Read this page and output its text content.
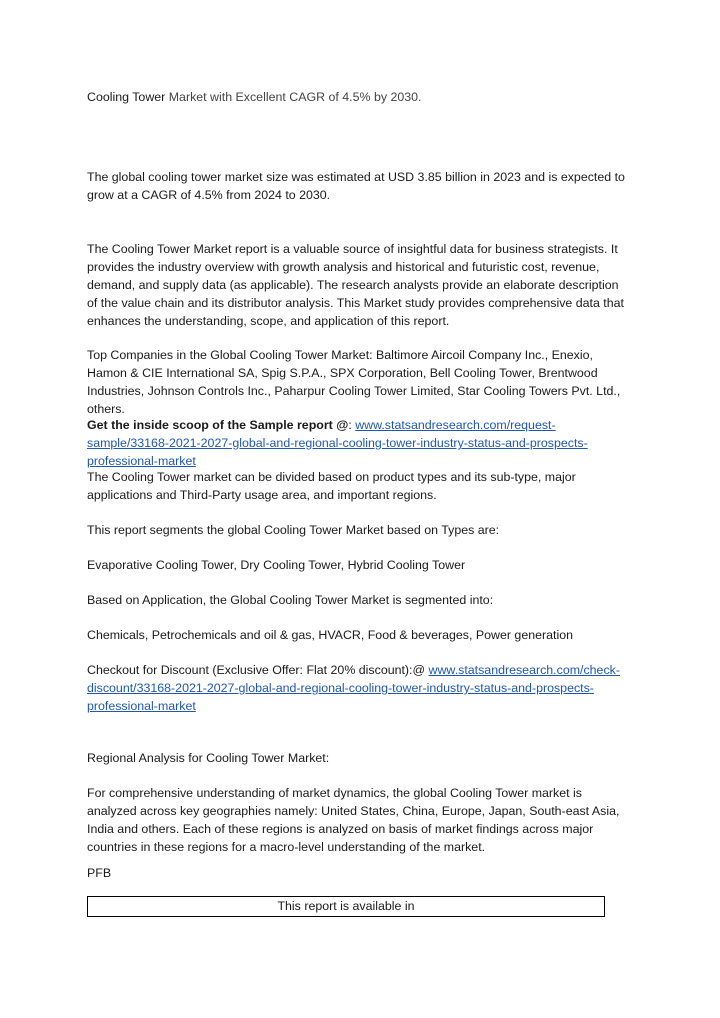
Cooling Tower Market with Excellent CAGR of 4.5% by 2030.

The global cooling tower market size was estimated at USD 3.85 billion in 2023 and is expected to grow at a CAGR of 4.5% from 2024 to 2030.

The Cooling Tower Market report is a valuable source of insightful data for business strategists. It provides the industry overview with growth analysis and historical and futuristic cost, revenue, demand, and supply data (as applicable). The research analysts provide an elaborate description of the value chain and its distributor analysis. This Market study provides comprehensive data that enhances the understanding, scope, and application of this report.

Top Companies in the Global Cooling Tower Market: Baltimore Aircoil Company Inc., Enexio, Hamon & CIE International SA, Spig S.P.A., SPX Corporation, Bell Cooling Tower, Brentwood Industries, Johnson Controls Inc., Paharpur Cooling Tower Limited, Star Cooling Towers Pvt. Ltd., others.

Get the inside scoop of the Sample report @: www.statsandresearch.com/request-sample/33168-2021-2027-global-and-regional-cooling-tower-industry-status-and-prospects-professional-market

The Cooling Tower market can be divided based on product types and its sub-type, major applications and Third-Party usage area, and important regions.

This report segments the global Cooling Tower Market based on Types are:

Evaporative Cooling Tower, Dry Cooling Tower, Hybrid Cooling Tower

Based on Application, the Global Cooling Tower Market is segmented into:

Chemicals, Petrochemicals and oil & gas, HVACR, Food & beverages, Power generation

Checkout for Discount (Exclusive Offer: Flat 20% discount):@ www.statsandresearch.com/check-discount/33168-2021-2027-global-and-regional-cooling-tower-industry-status-and-prospects-professional-market

Regional Analysis for Cooling Tower Market:

For comprehensive understanding of market dynamics, the global Cooling Tower market is analyzed across key geographies namely: United States, China, Europe, Japan, South-east Asia, India and others. Each of these regions is analyzed on basis of market findings across major countries in these regions for a macro-level understanding of the market.

PFB

This report is available in
